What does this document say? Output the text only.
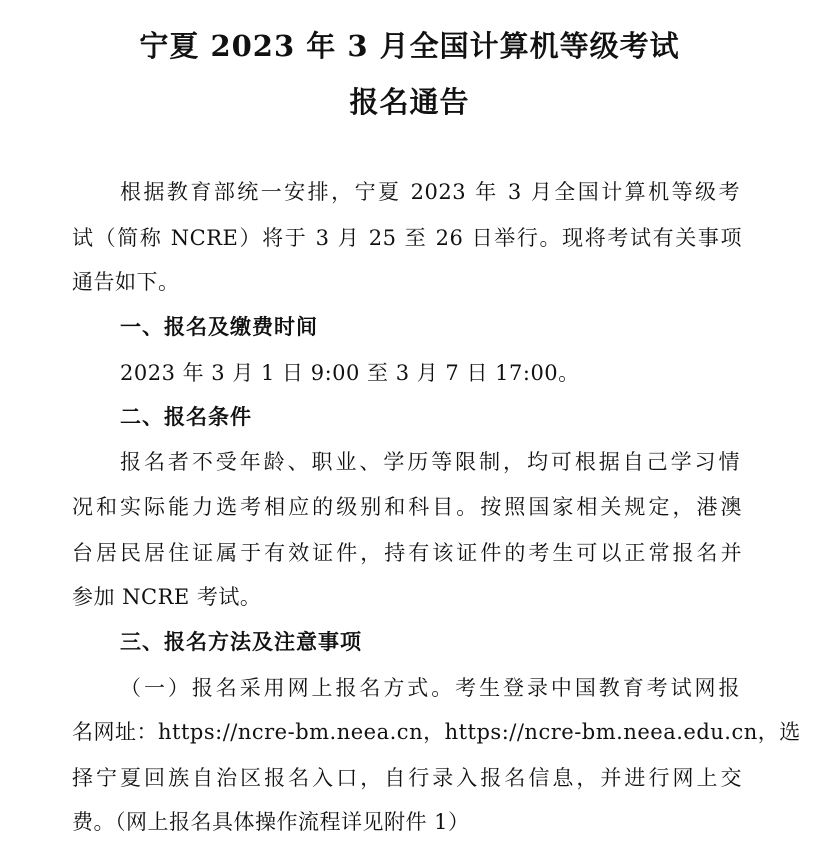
宁夏 2023 年 3 月全国计算机等级考试
报名通告
根据教育部统一安排，宁夏 2023 年 3 月全国计算机等级考
试（简称 NCRE）将于 3 月 25 至 26 日举行。现将考试有关事项
通告如下。
一、报名及缴费时间
2023 年 3 月 1 日 9:00 至 3 月 7 日 17:00。
二、报名条件
报名者不受年龄、职业、学历等限制，均可根据自己学习情
况和实际能力选考相应的级别和科目。按照国家相关规定，港澳
台居民居住证属于有效证件，持有该证件的考生可以正常报名并
参加 NCRE 考试。
三、报名方法及注意事项
（一）报名采用网上报名方式。考生登录中国教育考试网报
名网址：https://ncre-bm.neea.cn，https://ncre-bm.neea.edu.cn，选
择宁夏回族自治区报名入口，自行录入报名信息，并进行网上交
费。（网上报名具体操作流程详见附件 1）
